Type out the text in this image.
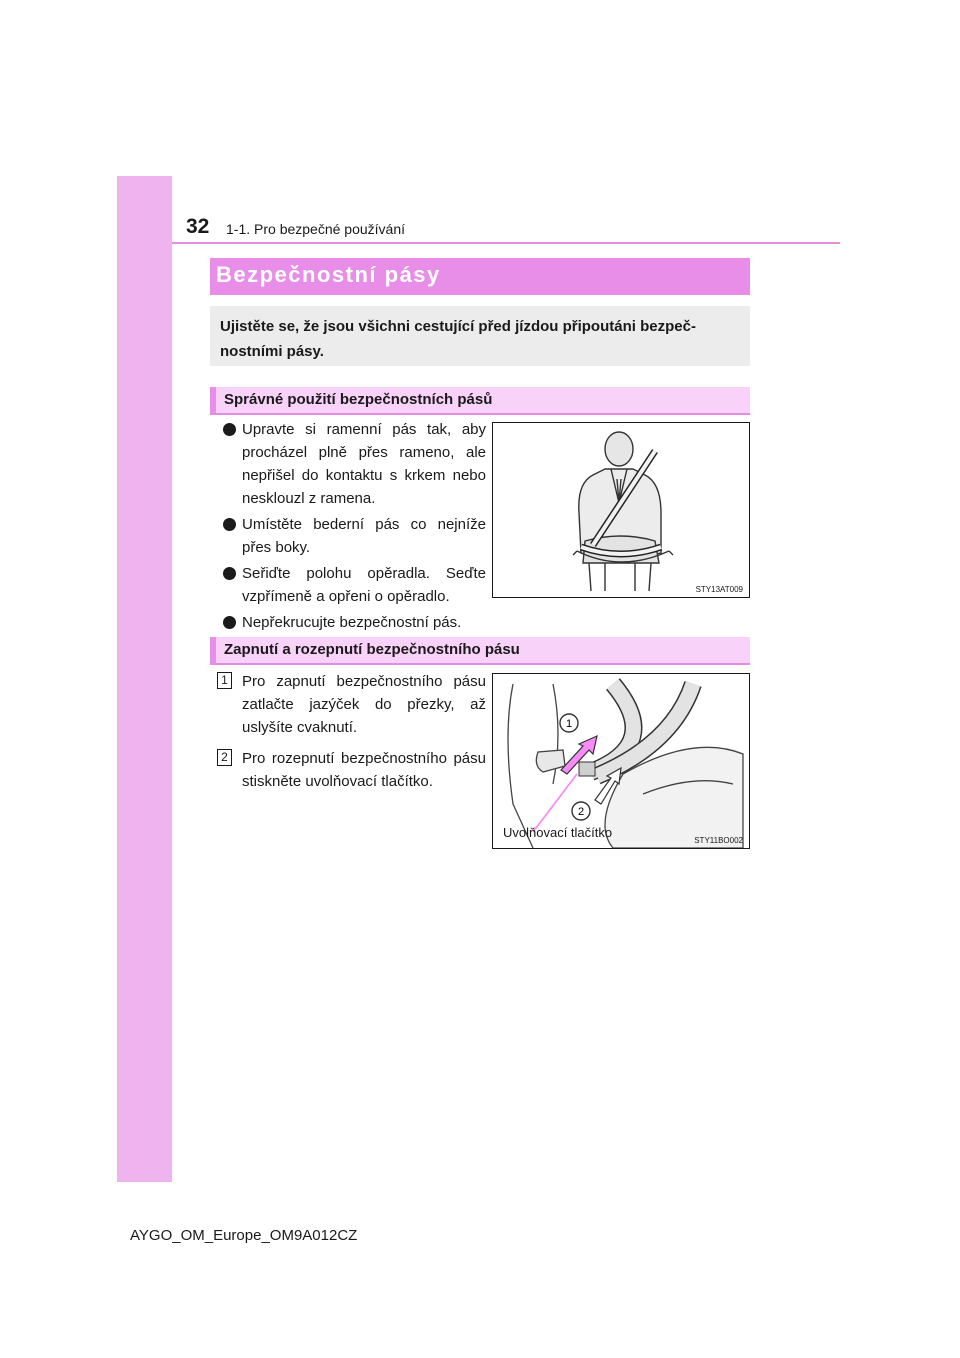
32 1-1. Pro bezpečné používání
Bezpečnostní pásy
Ujistěte se, že jsou všichni cestující před jízdou připoutáni bezpeč-nostními pásy.
Správné použití bezpečnostních pásů
Upravte si ramenní pás tak, aby procházel plně přes rameno, ale nepřišel do kontaktu s krkem nebo nesklouzl z ramena.
Umístěte bederní pás co nejníže přes boky.
Seřiďte polohu opěradla. Seďte vzpřímeně a opřeni o opěradlo.
Nepřekrucujte bezpečnostní pás.
STY13AT009
Zapnutí a rozepnutí bezpečnostního pásu
1 Pro zapnutí bezpečnostního pásu zatlačte jazýček do přezky, až uslyšíte cvaknutí.
2 Pro rozepnutí bezpečnostního pásu stiskněte uvolňovací tlačítko.
1
2
Uvolňovací tlačítko
STY11BO002
AYGO_OM_Europe_OM9A012CZ
